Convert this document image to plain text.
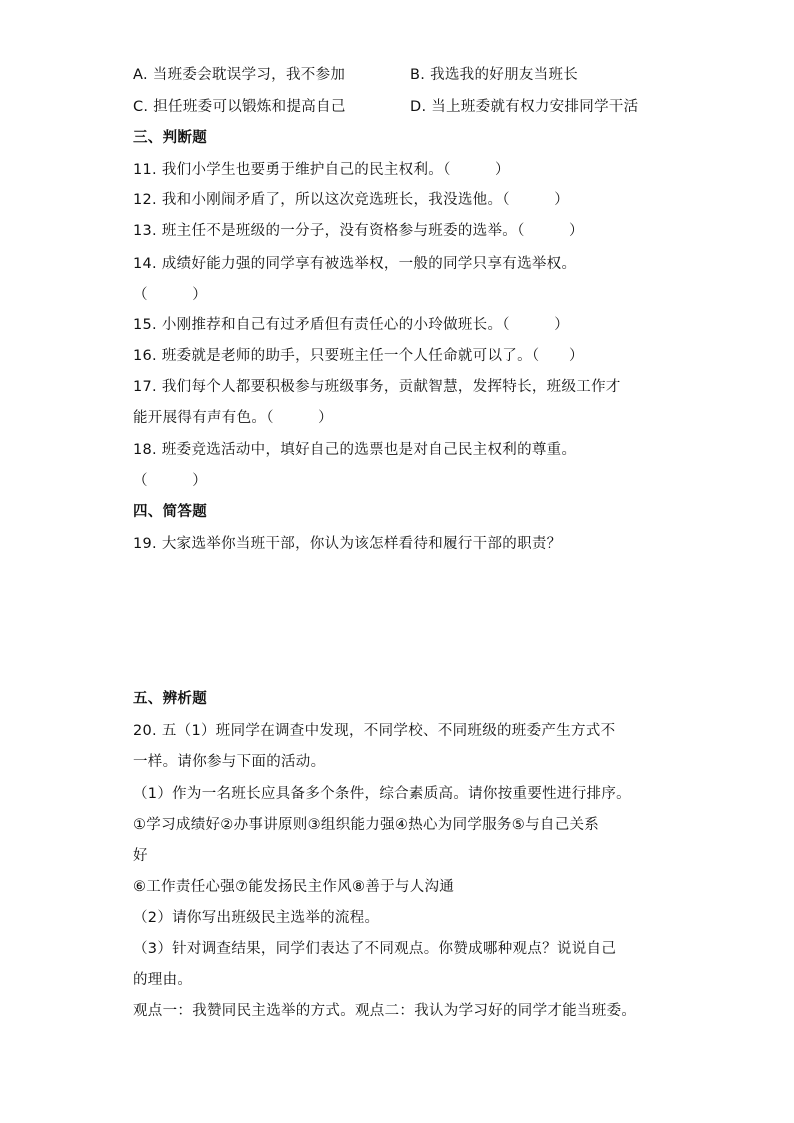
A. 当班委会耽误学习，我不参加	B. 我选我的好朋友当班长
C. 担任班委可以锻炼和提高自己	D. 当上班委就有权力安排同学干活
三、判断题
11. 我们小学生也要勇于维护自己的民主权利。（　　　）
12. 我和小刚闹矛盾了，所以这次竞选班长，我没选他。（　　　）
13. 班主任不是班级的一分子，没有资格参与班委的选举。（　　　）
14. 成绩好能力强的同学享有被选举权，一般的同学只享有选举权。
（　　　）
15. 小刚推荐和自己有过矛盾但有责任心的小玲做班长。（　　　）
16. 班委就是老师的助手，只要班主任一个人任命就可以了。（　　）
17. 我们每个人都要积极参与班级事务，贡献智慧，发挥特长，班级工作才
能开展得有声有色。（　　　）
18. 班委竞选活动中，填好自己的选票也是对自己民主权利的尊重。
（　　　）
四、简答题
19. 大家选举你当班干部，你认为该怎样看待和履行干部的职责？
五、辨析题
20. 五（1）班同学在调查中发现，不同学校、不同班级的班委产生方式不
一样。请你参与下面的活动。
（1）作为一名班长应具备多个条件，综合素质高。请你按重要性进行排序。
①学习成绩好②办事讲原则③组织能力强④热心为同学服务⑤与自己关系
好
⑥工作责任心强⑦能发扬民主作风⑧善于与人沟通
（2）请你写出班级民主选举的流程。
（3）针对调查结果，同学们表达了不同观点。你赞成哪种观点？说说自己
的理由。
观点一：我赞同民主选举的方式。观点二：我认为学习好的同学才能当班委。
